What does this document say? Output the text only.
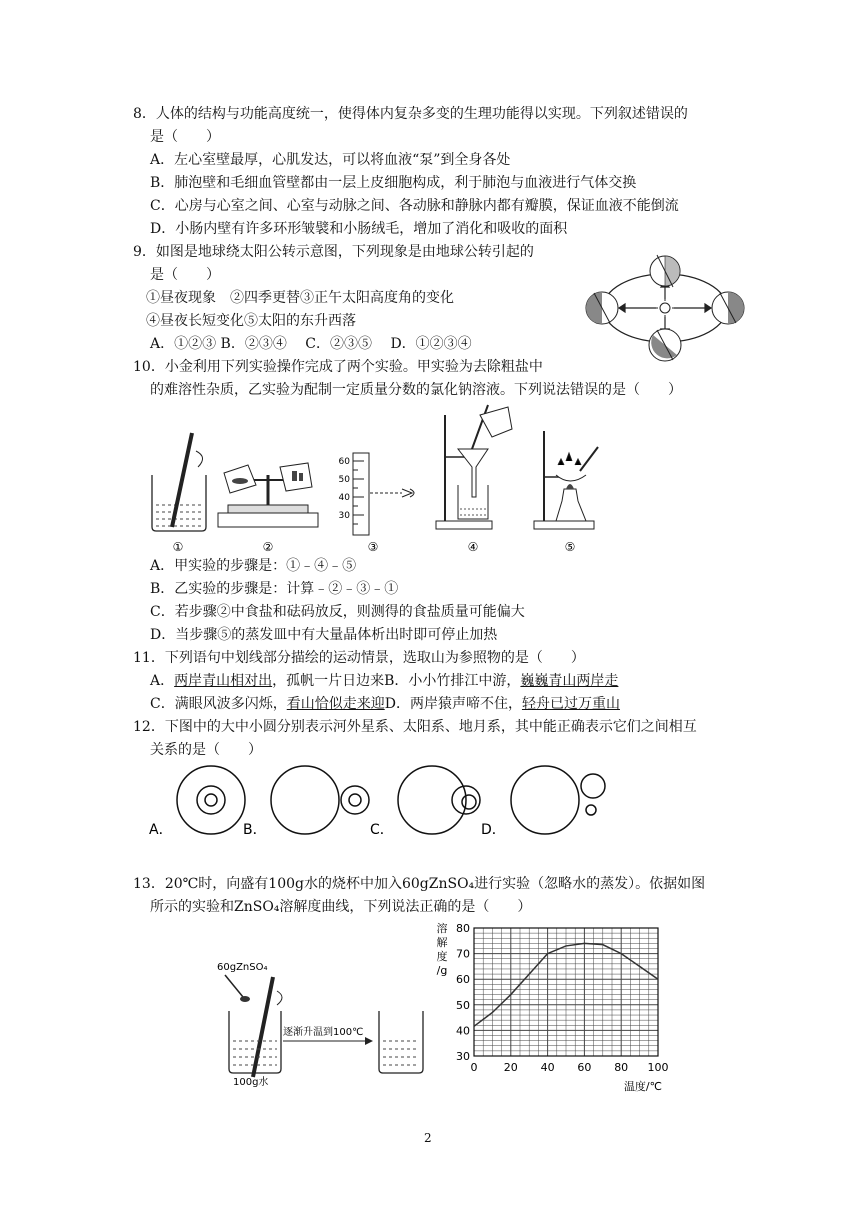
8．人体的结构与功能高度统一，使得体内复杂多变的生理功能得以实现。下列叙述错误的
是（　　）
A．左心室壁最厚，心肌发达，可以将血液“泵”到全身各处
B．肺泡壁和毛细血管壁都由一层上皮细胞构成，利于肺泡与血液进行气体交换
C．心房与心室之间、心室与动脉之间、各动脉和静脉内都有瓣膜，保证血液不能倒流
D．小肠内壁有许多环形皱襞和小肠绒毛，增加了消化和吸收的面积
9．如图是地球绕太阳公转示意图，下列现象是由地球公转引起的
是（　　）
①昼夜现象　②四季更替③正午太阳高度角的变化
④昼夜长短变化⑤太阳的东升西落
A．①②③ B．②③④　 C．②③⑤　 D．①②③④
10．小金利用下列实验操作完成了两个实验。甲实验为去除粗盐中
的难溶性杂质，乙实验为配制一定质量分数的氯化钠溶液。下列说法错误的是（　　）
60
50
40
30
①	②	③	④	⑤
A．甲实验的步骤是：①﹣④﹣⑤
B．乙实验的步骤是：计算﹣②﹣③﹣①
C．若步骤②中食盐和砝码放反，则测得的食盐质量可能偏大
D．当步骤⑤的蒸发皿中有大量晶体析出时即可停止加热
11．下列语句中划线部分描绘的运动情景，选取山为参照物的是（　　）
A．两岸青山相对出，孤帆一片日边来B．小小竹排江中游，巍巍青山两岸走
C．满眼风波多闪烁，看山恰似走来迎D．两岸猿声啼不住，轻舟已过万重山
12．下图中的大中小圆分别表示河外星系、太阳系、地月系，其中能正确表示它们之间相互
关系的是（　　）
A．	B．	C．	D．
13．20℃时，向盛有100g水的烧杯中加入60gZnSO₄进行实验（忽略水的蒸发）。依据如图
所示的实验和ZnSO₄溶解度曲线，下列说法正确的是（　　）
60gZnSO₄
100g水
逐渐升温到100℃
溶
解
度
/g
0 20 40 60 80 100
30
40
50
60
70
80
温度/℃
2
